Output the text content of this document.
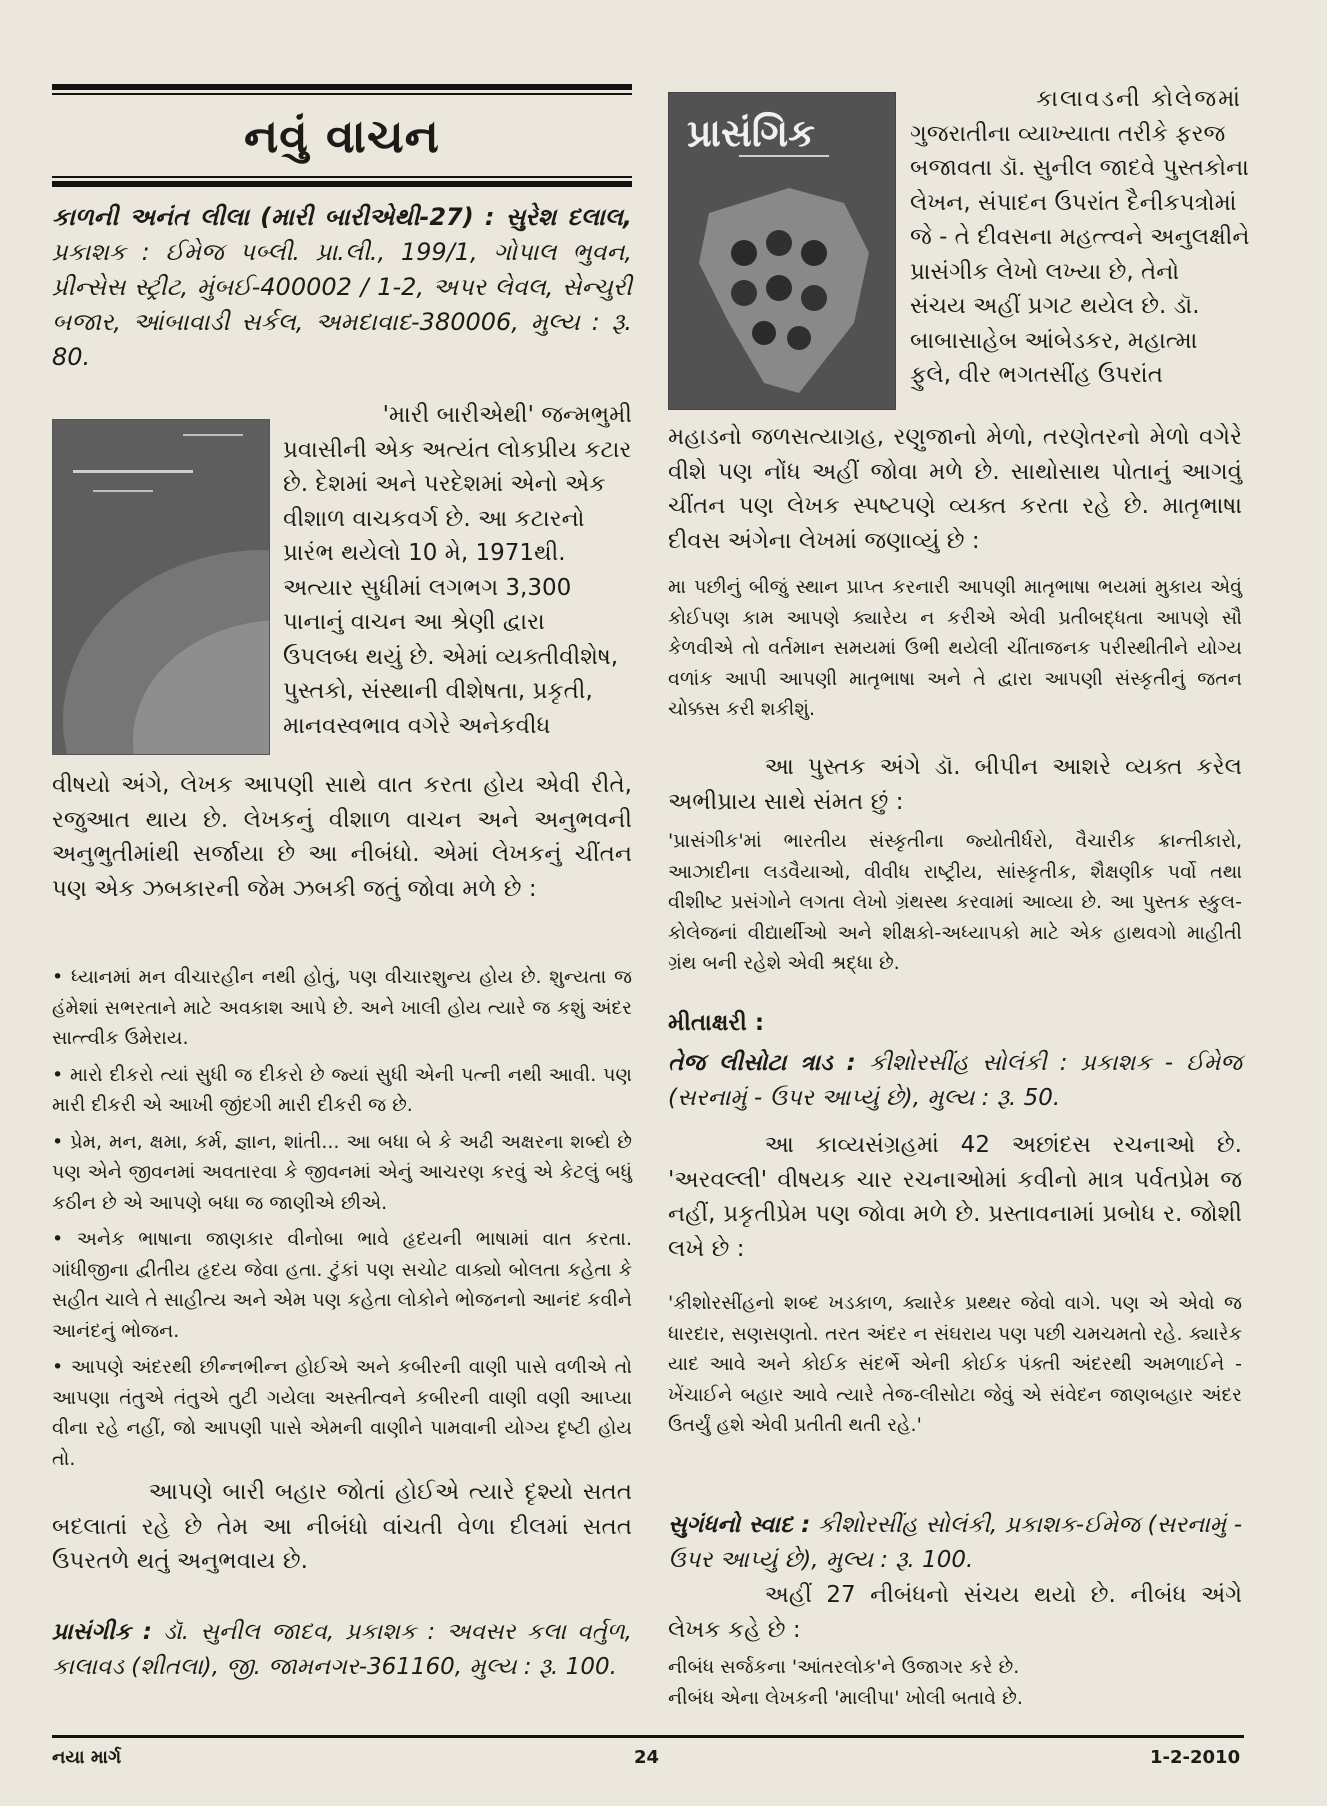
નવું વાચન

કાળની અનંત લીલા (મારી બારીએથી-27) : સુરેશ દલાલ, પ્રકાશક : ઈમેજ પબ્લી. પ્રા.લી., 199/1, ગોપાલ ભુવન, પ્રીન્સેસ સ્ટ્રીટ, મુંબઈ-400002 / 1-2, અપર લેવલ, સેન્ચુરી બજાર, આંબાવાડી સર્કલ, અમદાવાદ-380006, મુલ્ય : રૂ. 80.

'મારી બારીએથી' જન્મભુમી

પ્રવાસીની એક અત્યંત લોકપ્રીય કટાર

છે. દેશમાં અને પરદેશમાં એનો એક

વીશાળ વાચકવર્ગ છે. આ કટારનો

પ્રારંભ થયેલો 10 મે, 1971થી.

અત્યાર સુધીમાં લગભગ 3,300

પાનાનું વાચન આ શ્રેણી દ્વારા

ઉપલબ્ધ થયું છે. એમાં વ્યક્તીવીશેષ,

પુસ્તકો, સંસ્થાની વીશેષતા, પ્રકૃતી,

માનવસ્વભાવ વગેરે અનેકવીધ

વીષયો અંગે, લેખક આપણી સાથે વાત કરતા હોય એવી રીતે, રજુઆત થાય છે. લેખકનું વીશાળ વાચન અને અનુભવની અનુભુતીમાંથી સર્જાયા છે આ નીબંધો. એમાં લેખકનું ચીંતન પણ એક ઝબકારની જેમ ઝબકી જતું જોવા મળે છે :

• ધ્યાનમાં મન વીચારહીન નથી હોતું, પણ વીચારશુન્ય હોય છે. શુન્યતા જ હંમેશાં સભરતાને માટે અવકાશ આપે છે. અને ખાલી હોય ત્યારે જ કશું અંદર સાત્ત્વીક ઉમેરાય.

• મારો દીકરો ત્યાં સુધી જ દીકરો છે જ્યાં સુધી એની પત્ની નથી આવી. પણ મારી દીકરી એ આખી જીંદગી મારી દીકરી જ છે.

• પ્રેમ, મન, ક્ષમા, કર્મ, જ્ઞાન, શાંતી... આ બધા બે કે અઢી અક્ષરના શબ્દો છે પણ એને જીવનમાં અવતારવા કે જીવનમાં એનું આચરણ કરવું એ કેટલું બધું કઠીન છે એ આપણે બધા જ જાણીએ છીએ.

• અનેક ભાષાના જાણકાર વીનોબા ભાવે હૃદયની ભાષામાં વાત કરતા. ગાંધીજીના દ્વીતીય હૃદય જેવા હતા. ટુંકાં પણ સચોટ વાક્યો બોલતા કહેતા કે સહીત ચાલે તે સાહીત્ય અને એમ પણ કહેતા લોકોને ભોજનનો આનંદ કવીને આનંદનું ભોજન.

• આપણે અંદરથી છીન્નભીન્ન હોઈએ અને કબીરની વાણી પાસે વળીએ તો આપણા તંતુએ તંતુએ તુટી ગયેલા અસ્તીત્વને કબીરની વાણી વણી આપ્યા વીના રહે નહીં, જો આપણી પાસે એમની વાણીને પામવાની યોગ્ય દૃષ્ટી હોય તો.

આપણે બારી બહાર જોતાં હોઈએ ત્યારે દૃશ્યો સતત બદલાતાં રહે છે તેમ આ નીબંધો વાંચતી વેળા દીલમાં સતત ઉપરતળે થતું અનુભવાય છે.

પ્રાસંગીક : ડૉ. સુનીલ જાદવ, પ્રકાશક : અવસર કલા વર્તુળ, કાલાવડ (શીતલા), જી. જામનગર-361160, મુલ્ય : રૂ. 100.

પ્રાસંગિક

કાલાવડની કોલેજમાં

ગુજરાતીના વ્યાખ્યાતા તરીકે ફરજ

બજાવતા ડૉ. સુનીલ જાદવે પુસ્તકોના

લેખન, સંપાદન ઉપરાંત દૈનીકપત્રોમાં

જે - તે દીવસના મહત્ત્વને અનુલક્ષીને

પ્રાસંગીક લેખો લખ્યા છે, તેનો

સંચય અહીં પ્રગટ થયેલ છે. ડૉ.

બાબાસાહેબ આંબેડકર, મહાત્મા

ફુલે, વીર ભગતસીંહ ઉપરાંત

મહાડનો જળસત્યાગ્રહ, રણુજાનો મેળો, તરણેતરનો મેળો વગેરે વીશે પણ નોંધ અહીં જોવા મળે છે. સાથોસાથ પોતાનું આગવું ચીંતન પણ લેખક સ્પષ્ટપણે વ્યક્ત કરતા રહે છે. માતૃભાષા દીવસ અંગેના લેખમાં જણાવ્યું છે :

મા પછીનું બીજું સ્થાન પ્રાપ્ત કરનારી આપણી માતૃભાષા ભયમાં મુકાય એવું કોઈપણ કામ આપણે ક્યારેય ન કરીએ એવી પ્રતીબદ્ધતા આપણે સૌ કેળવીએ તો વર્તમાન સમયમાં ઉભી થયેલી ચીંતાજનક પરીસ્થીતીને યોગ્ય વળાંક આપી આપણી માતૃભાષા અને તે દ્વારા આપણી સંસ્કૃતીનું જતન ચોક્કસ કરી શકીશું.

આ પુસ્તક અંગે ડૉ. બીપીન આશરે વ્યક્ત કરેલ અભીપ્રાય સાથે સંમત છું :

'પ્રાસંગીક'માં ભારતીય સંસ્કૃતીના જ્યોતીર્ધરો, વૈચારીક ક્રાન્તીકારો, આઝાદીના લડવૈયાઓ, વીવીધ રાષ્ટ્રીય, સાંસ્કૃતીક, શૈક્ષણીક પર્વો તથા વીશીષ્ટ પ્રસંગોને લગતા લેખો ગ્રંથસ્થ કરવામાં આવ્યા છે. આ પુસ્તક સ્કુલ-કોલેજનાં વીદ્યાર્થીઓ અને શીક્ષકો-અધ્યાપકો માટે એક હાથવગો માહીતી ગ્રંથ બની રહેશે એવી શ્રદ્ધા છે.

મીતાક્ષરી :

તેજ લીસોટા ત્રાડ : કીશોરસીંહ સોલંકી : પ્રકાશક - ઈમેજ (સરનામું - ઉપર આપ્યું છે), મુલ્ય : રૂ. 50.

આ કાવ્યસંગ્રહમાં 42 અછાંદસ રચનાઓ છે. 'અરવલ્લી' વીષયક ચાર રચનાઓમાં કવીનો માત્ર પર્વતપ્રેમ જ નહીં, પ્રકૃતીપ્રેમ પણ જોવા મળે છે. પ્રસ્તાવનામાં પ્રબોધ ર. જોશી લખે છે :

'કીશોરસીંહનો શબ્દ ખડકાળ, ક્યારેક પ્રથ્થર જેવો વાગે. પણ એ એવો જ ધારદાર, સણસણતો. તરત અંદર ન સંઘરાય પણ પછી ચમચમતો રહે. ક્યારેક યાદ આવે અને કોઈક સંદર્ભે એની કોઈક પંક્તી અંદરથી અમળાઈને - ખેંચાઈને બહાર આવે ત્યારે તેજ-લીસોટા જેવું એ સંવેદન જાણબહાર અંદર ઉતર્યું હશે એવી પ્રતીતી થતી રહે.'

સુગંધનો સ્વાદ : કીશોરસીંહ સોલંકી, પ્રકાશક-ઈમેજ (સરનામું - ઉપર આપ્યું છે), મુલ્ય : રૂ. 100.

અહીં 27 નીબંધનો સંચય થયો છે. નીબંધ અંગે લેખક કહે છે :

નીબંધ સર્જકના 'આંતરલોક'ને ઉજાગર કરે છે.

નીબંધ એના લેખકની 'માલીપા' ખોલી બતાવે છે.

નયા માર્ગ	24	1-2-2010
